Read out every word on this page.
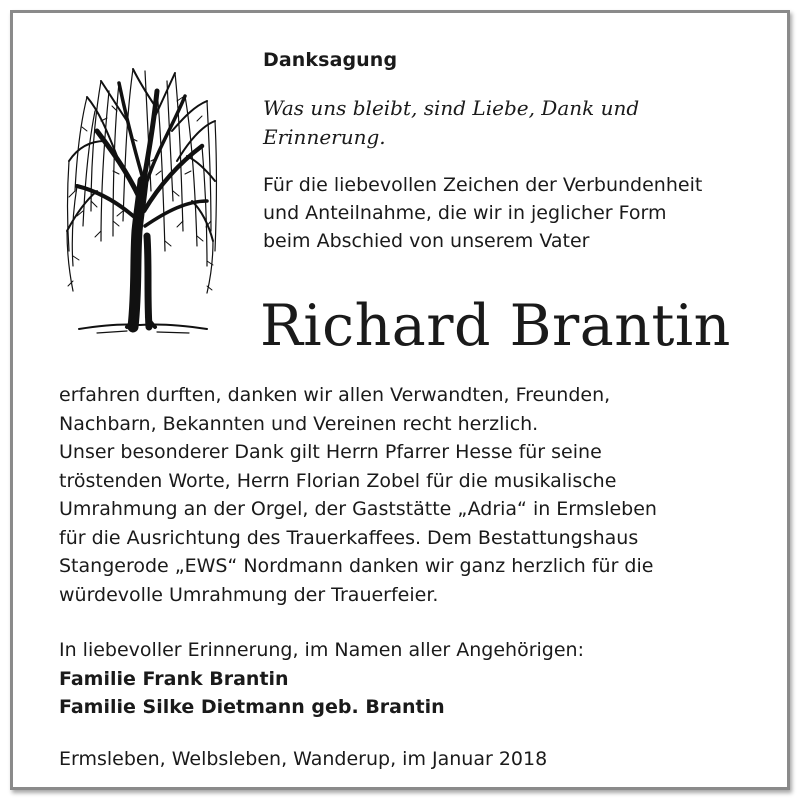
Danksagung
Was uns bleibt, sind Liebe, Dank und
Erinnerung.
Für die liebevollen Zeichen der Verbundenheit
und Anteilnahme, die wir in jeglicher Form
beim Abschied von unserem Vater
Richard Brantin

erfahren durften, danken wir allen Verwandten, Freunden,

Nachbarn, Bekannten und Vereinen recht herzlich.

Unser besonderer Dank gilt Herrn Pfarrer Hesse für seine

tröstenden Worte, Herrn Florian Zobel für die musikalische

Umrahmung an der Orgel, der Gaststätte „Adria“ in Ermsleben

für die Ausrichtung des Trauerkaffees. Dem Bestattungshaus

Stangerode „EWS“ Nordmann danken wir ganz herzlich für die

würdevolle Umrahmung der Trauerfeier.

In liebevoller Erinnerung, im Namen aller Angehörigen:
Familie Frank Brantin
Familie Silke Dietmann geb. Brantin
Ermsleben, Welbsleben, Wanderup, im Januar 2018
